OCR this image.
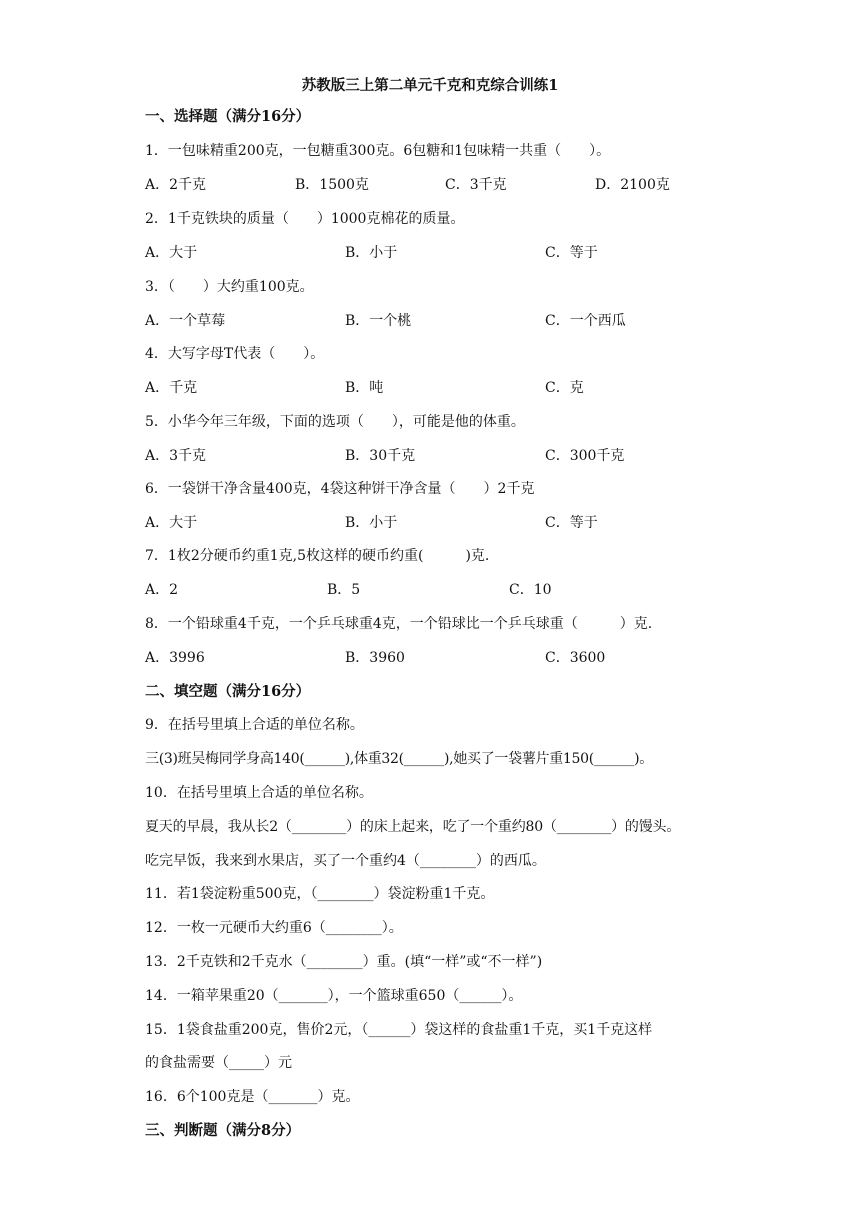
苏教版三上第二单元千克和克综合训练1
一、选择题（满分16分）
1．一包味精重200克，一包糖重300克。6包糖和1包味精一共重（　　）。
A．2千克	B．1500克	C．3千克	D．2100克
2．1千克铁块的质量（　　）1000克棉花的质量。
A．大于	B．小于	C．等于
3．（　　）大约重100克。
A．一个草莓	B．一个桃	C．一个西瓜
4．大写字母T代表（　　）。
A．千克	B．吨	C．克
5．小华今年三年级，下面的选项（　　），可能是他的体重。
A．3千克	B．30千克	C．300千克
6．一袋饼干净含量400克，4袋这种饼干净含量（　　）2千克
A．大于	B．小于	C．等于
7．1枚2分硬币约重1克,5枚这样的硬币约重(　　　)克.
A．2	B．5	C．10
8．一个铅球重4千克，一个乒乓球重4克，一个铅球比一个乒乓球重（　　　）克.
A．3996	B．3960	C．3600
二、填空题（满分16分）
9．在括号里填上合适的单位名称。
三(3)班吴梅同学身高140(______),体重32(______),她买了一袋薯片重150(______)。
10．在括号里填上合适的单位名称。
夏天的早晨，我从长2（________）的床上起来，吃了一个重约80（________）的馒头。
吃完早饭，我来到水果店，买了一个重约4（________）的西瓜。
11．若1袋淀粉重500克，（________）袋淀粉重1千克。
12．一枚一元硬币大约重6（________）。
13．2千克铁和2千克水（________）重。(填“一样”或“不一样”)
14．一箱苹果重20（_______），一个篮球重650（______）。
15．1袋食盐重200克，售价2元，（______）袋这样的食盐重1千克，买1千克这样
的食盐需要（_____）元
16．6个100克是（_______）克。
三、判断题（满分8分）
